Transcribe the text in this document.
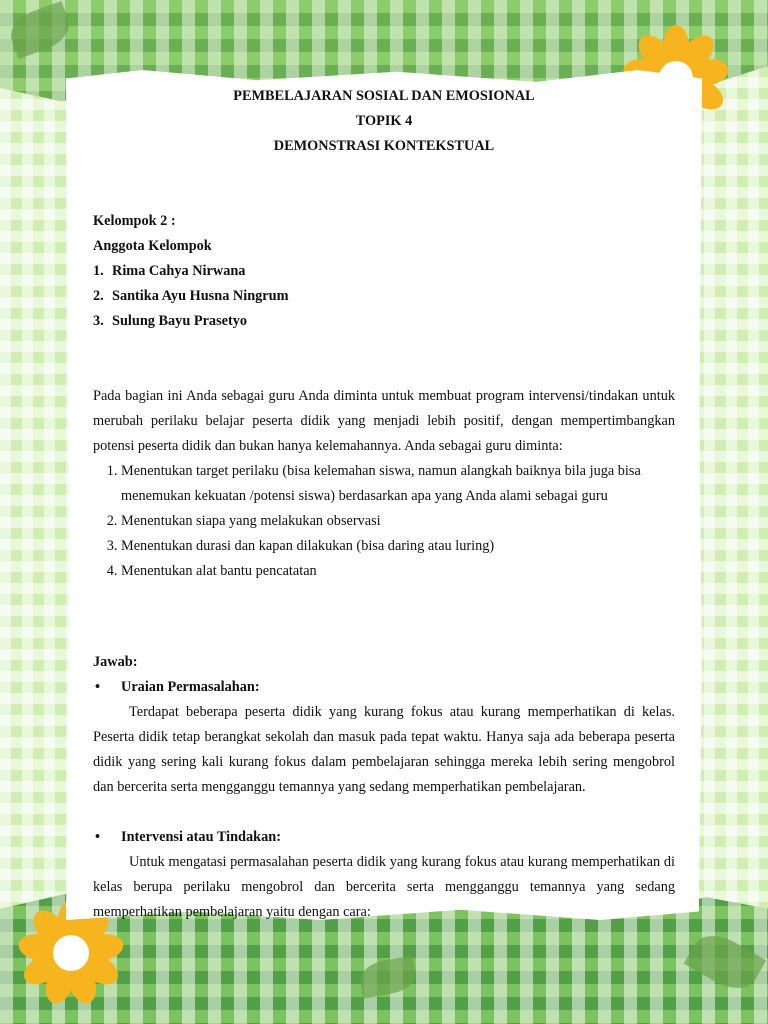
PEMBELAJARAN SOSIAL DAN EMOSIONAL

TOPIK 4

DEMONSTRASI KONTEKSTUAL

Kelompok 2 :

Anggota Kelompok

1. Rima Cahya Nirwana
2. Santika Ayu Husna Ningrum
3. Sulung Bayu Prasetyo

Pada bagian ini Anda sebagai guru Anda diminta untuk membuat program intervensi/tindakan untuk merubah perilaku belajar peserta didik yang menjadi lebih positif, dengan mempertimbangkan potensi peserta didik dan bukan hanya kelemahannya. Anda sebagai guru diminta:

1. Menentukan target perilaku (bisa kelemahan siswa, namun alangkah baiknya bila juga bisa menemukan kekuatan /potensi siswa) berdasarkan apa yang Anda alami sebagai guru
2. Menentukan siapa yang melakukan observasi
3. Menentukan durasi dan kapan dilakukan (bisa daring atau luring)
4. Menentukan alat bantu pencatatan

Jawab:

• Uraian Permasalahan:

Terdapat beberapa peserta didik yang kurang fokus atau kurang memperhatikan di kelas. Peserta didik tetap berangkat sekolah dan masuk pada tepat waktu. Hanya saja ada beberapa peserta didik yang sering kali kurang fokus dalam pembelajaran sehingga mereka lebih sering mengobrol dan bercerita serta mengganggu temannya yang sedang memperhatikan pembelajaran.

• Intervensi atau Tindakan:

Untuk mengatasi permasalahan peserta didik yang kurang fokus atau kurang memperhatikan di kelas berupa perilaku mengobrol dan bercerita serta mengganggu temannya yang sedang memperhatikan pembelajaran yaitu dengan cara:
